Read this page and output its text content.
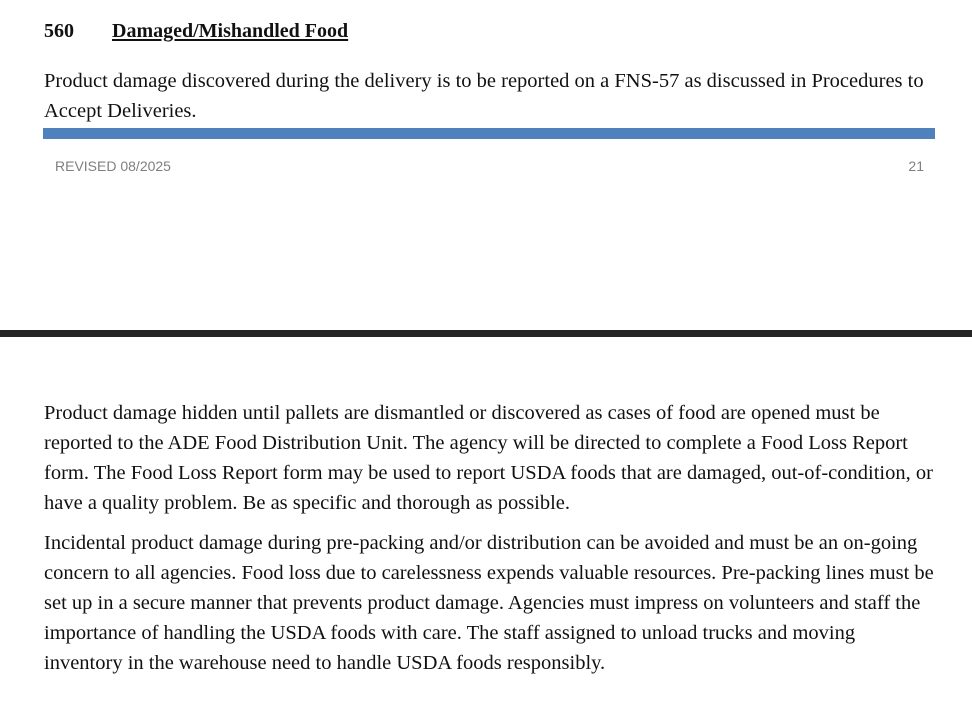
560 Damaged/Mishandled Food

Product damage discovered during the delivery is to be reported on a FNS-57 as discussed in Procedures to Accept Deliveries.

REVISED 08/2025	21

Product damage hidden until pallets are dismantled or discovered as cases of food are opened must be reported to the ADE Food Distribution Unit. The agency will be directed to complete a Food Loss Report form. The Food Loss Report form may be used to report USDA foods that are damaged, out-of-condition, or have a quality problem. Be as specific and thorough as possible.

Incidental product damage during pre-packing and/or distribution can be avoided and must be an on-going concern to all agencies. Food loss due to carelessness expends valuable resources. Pre-packing lines must be set up in a secure manner that prevents product damage. Agencies must impress on volunteers and staff the importance of handling the USDA foods with care. The staff assigned to unload trucks and moving inventory in the warehouse need to handle USDA foods responsibly.
